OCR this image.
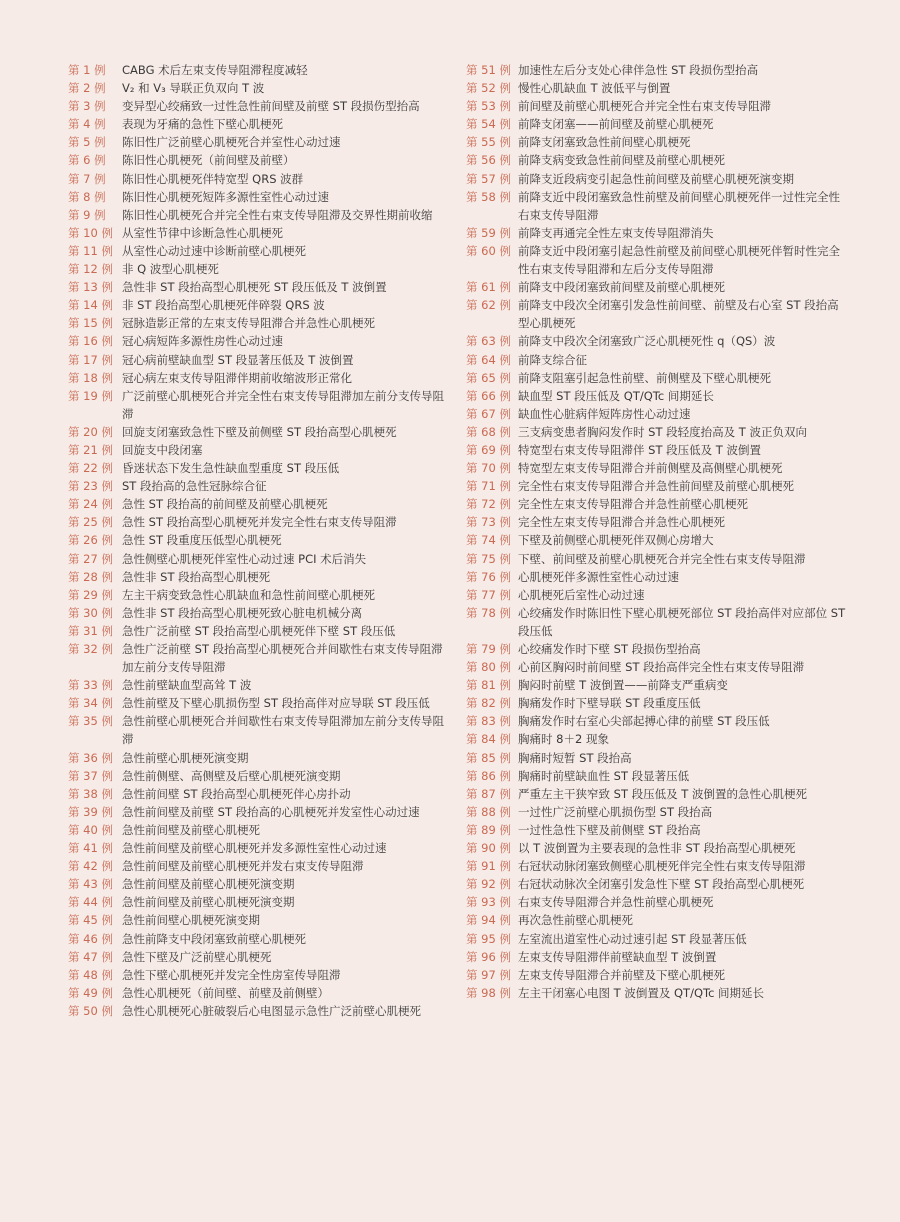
第 1 例	CABG 术后左束支传导阻滞程度减轻
第 2 例	V₂ 和 V₃ 导联正负双向 T 波
第 3 例	变异型心绞痛致一过性急性前间壁及前壁 ST 段损伤型抬高
第 4 例	表现为牙痛的急性下壁心肌梗死
第 5 例	陈旧性广泛前壁心肌梗死合并室性心动过速
第 6 例	陈旧性心肌梗死（前间壁及前壁）
第 7 例	陈旧性心肌梗死伴特宽型 QRS 波群
第 8 例	陈旧性心肌梗死短阵多源性室性心动过速
第 9 例	陈旧性心肌梗死合并完全性右束支传导阻滞及交界性期前收缩
第 10 例 从室性节律中诊断急性心肌梗死
第 11 例 从室性心动过速中诊断前壁心肌梗死
第 12 例 非 Q 波型心肌梗死
第 13 例 急性非 ST 段抬高型心肌梗死 ST 段压低及 T 波倒置
第 14 例 非 ST 段抬高型心肌梗死伴碎裂 QRS 波
第 15 例 冠脉造影正常的左束支传导阻滞合并急性心肌梗死
第 16 例 冠心病短阵多源性房性心动过速
第 17 例 冠心病前壁缺血型 ST 段显著压低及 T 波倒置
第 18 例 冠心病左束支传导阻滞伴期前收缩波形正常化
第 19 例 广泛前壁心肌梗死合并完全性右束支传导阻滞加左前分支传导阻滞
第 20 例 回旋支闭塞致急性下壁及前侧壁 ST 段抬高型心肌梗死
第 21 例 回旋支中段闭塞
第 22 例 昏迷状态下发生急性缺血型重度 ST 段压低
第 23 例 ST 段抬高的急性冠脉综合征
第 24 例 急性 ST 段抬高的前间壁及前壁心肌梗死
第 25 例 急性 ST 段抬高型心肌梗死并发完全性右束支传导阻滞
第 26 例 急性 ST 段重度压低型心肌梗死
第 27 例 急性侧壁心肌梗死伴室性心动过速 PCI 术后消失
第 28 例 急性非 ST 段抬高型心肌梗死
第 29 例 左主干病变致急性心肌缺血和急性前间壁心肌梗死
第 30 例 急性非 ST 段抬高型心肌梗死致心脏电机械分离
第 31 例 急性广泛前壁 ST 段抬高型心肌梗死伴下壁 ST 段压低
第 32 例 急性广泛前壁 ST 段抬高型心肌梗死合并间歇性右束支传导阻滞加左前分支传导阻滞
第 33 例 急性前壁缺血型高耸 T 波
第 34 例 急性前壁及下壁心肌损伤型 ST 段抬高伴对应导联 ST 段压低
第 35 例 急性前壁心肌梗死合并间歇性右束支传导阻滞加左前分支传导阻滞
第 36 例 急性前壁心肌梗死演变期
第 37 例 急性前侧壁、高侧壁及后壁心肌梗死演变期
第 38 例 急性前间壁 ST 段抬高型心肌梗死伴心房扑动
第 39 例 急性前间壁及前壁 ST 段抬高的心肌梗死并发室性心动过速
第 40 例 急性前间壁及前壁心肌梗死
第 41 例 急性前间壁及前壁心肌梗死并发多源性室性心动过速
第 42 例 急性前间壁及前壁心肌梗死并发右束支传导阻滞
第 43 例 急性前间壁及前壁心肌梗死演变期
第 44 例 急性前间壁及前壁心肌梗死演变期
第 45 例 急性前间壁心肌梗死演变期
第 46 例 急性前降支中段闭塞致前壁心肌梗死
第 47 例 急性下壁及广泛前壁心肌梗死
第 48 例 急性下壁心肌梗死并发完全性房室传导阻滞
第 49 例 急性心肌梗死（前间壁、前壁及前侧壁）
第 50 例 急性心肌梗死心脏破裂后心电图显示急性广泛前壁心肌梗死
第 51 例 加速性左后分支处心律伴急性 ST 段损伤型抬高
第 52 例 慢性心肌缺血 T 波低平与倒置
第 53 例 前间壁及前壁心肌梗死合并完全性右束支传导阻滞
第 54 例 前降支闭塞——前间壁及前壁心肌梗死
第 55 例 前降支闭塞致急性前间壁心肌梗死
第 56 例 前降支病变致急性前间壁及前壁心肌梗死
第 57 例 前降支近段病变引起急性前间壁及前壁心肌梗死演变期
第 58 例 前降支近中段闭塞致急性前壁及前间壁心肌梗死伴一过性完全性右束支传导阻滞
第 59 例 前降支再通完全性左束支传导阻滞消失
第 60 例 前降支近中段闭塞引起急性前壁及前间壁心肌梗死伴暂时性完全性右束支传导阻滞和左后分支传导阻滞
第 61 例 前降支中段闭塞致前间壁及前壁心肌梗死
第 62 例 前降支中段次全闭塞引发急性前间壁、前壁及右心室 ST 段抬高型心肌梗死
第 63 例 前降支中段次全闭塞致广泛心肌梗死性 q（QS）波
第 64 例 前降支综合征
第 65 例 前降支阻塞引起急性前壁、前侧壁及下壁心肌梗死
第 66 例 缺血型 ST 段压低及 QT/QTc 间期延长
第 67 例 缺血性心脏病伴短阵房性心动过速
第 68 例 三支病变患者胸闷发作时 ST 段轻度抬高及 T 波正负双向
第 69 例 特宽型右束支传导阻滞伴 ST 段压低及 T 波倒置
第 70 例 特宽型左束支传导阻滞合并前侧壁及高侧壁心肌梗死
第 71 例 完全性右束支传导阻滞合并急性前间壁及前壁心肌梗死
第 72 例 完全性左束支传导阻滞合并急性前壁心肌梗死
第 73 例 完全性左束支传导阻滞合并急性心肌梗死
第 74 例 下壁及前侧壁心肌梗死伴双侧心房增大
第 75 例 下壁、前间壁及前壁心肌梗死合并完全性右束支传导阻滞
第 76 例 心肌梗死伴多源性室性心动过速
第 77 例 心肌梗死后室性心动过速
第 78 例 心绞痛发作时陈旧性下壁心肌梗死部位 ST 段抬高伴对应部位 ST 段压低
第 79 例 心绞痛发作时下壁 ST 段损伤型抬高
第 80 例 心前区胸闷时前间壁 ST 段抬高伴完全性右束支传导阻滞
第 81 例 胸闷时前壁 T 波倒置——前降支严重病变
第 82 例 胸痛发作时下壁导联 ST 段重度压低
第 83 例 胸痛发作时右室心尖部起搏心律的前壁 ST 段压低
第 84 例 胸痛时 8＋2 现象
第 85 例 胸痛时短暂 ST 段抬高
第 86 例 胸痛时前壁缺血性 ST 段显著压低
第 87 例 严重左主干狭窄致 ST 段压低及 T 波倒置的急性心肌梗死
第 88 例 一过性广泛前壁心肌损伤型 ST 段抬高
第 89 例 一过性急性下壁及前侧壁 ST 段抬高
第 90 例 以 T 波倒置为主要表现的急性非 ST 段抬高型心肌梗死
第 91 例 右冠状动脉闭塞致侧壁心肌梗死伴完全性右束支传导阻滞
第 92 例 右冠状动脉次全闭塞引发急性下壁 ST 段抬高型心肌梗死
第 93 例 右束支传导阻滞合并急性前壁心肌梗死
第 94 例 再次急性前壁心肌梗死
第 95 例 左室流出道室性心动过速引起 ST 段显著压低
第 96 例 左束支传导阻滞伴前壁缺血型 T 波倒置
第 97 例 左束支传导阻滞合并前壁及下壁心肌梗死
第 98 例 左主干闭塞心电图 T 波倒置及 QT/QTc 间期延长
